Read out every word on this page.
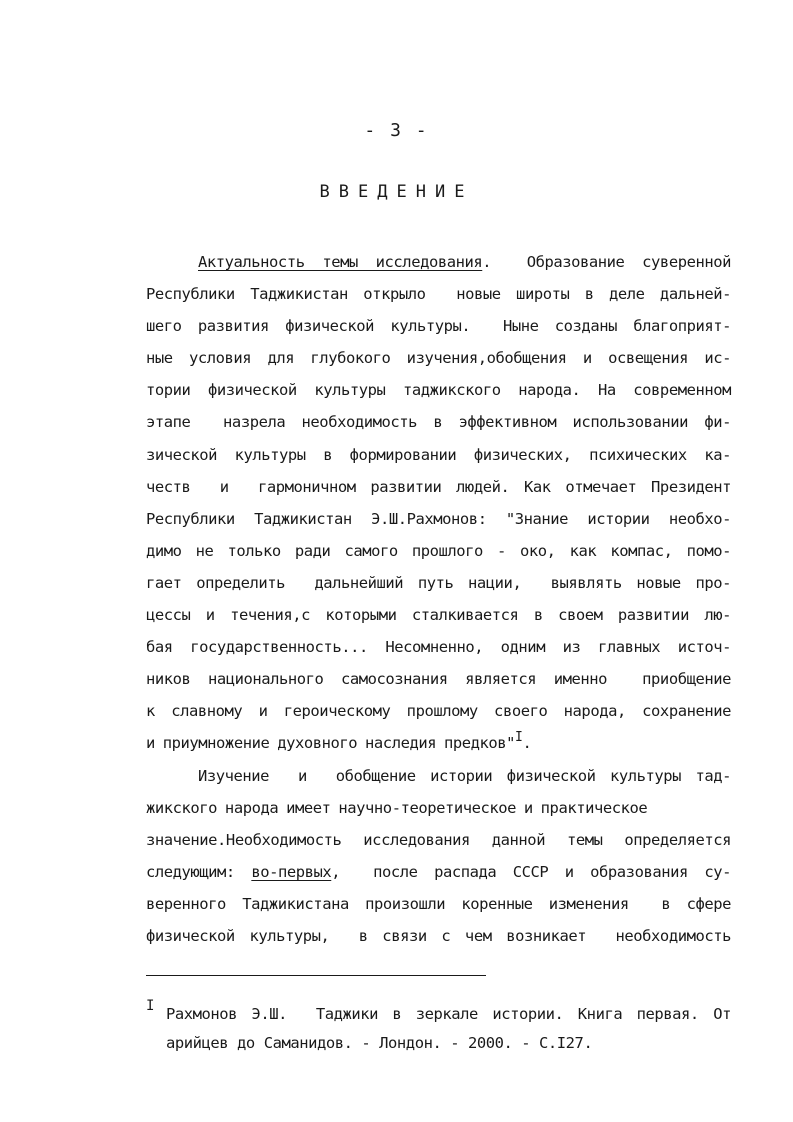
- 3 -
ВВЕДЕНИЕ
Актуальность темы исследования.  Образование суверенной
Республики Таджикистан открыло  новые широты в деле дальней-
шего развития физической культуры.  Ныне созданы благоприят-
ные условия для глубокого изучения,обобщения и освещения ис-
тории физической культуры таджикского народа. На современном
этапе  назрела необходимость в эффективном использовании фи-
зической культуры в формировании физических, психических ка-
честв  и  гармоничном развитии людей. Как отмечает Президент
Республики Таджикистан Э.Ш.Рахмонов: "Знание истории необхо-
димо не только ради самого прошлого - око, как компас, помо-
гает определить  дальнейший путь нации,  выявлять новые про-
цессы и течения,с которыми сталкивается в своем развитии лю-
бая государственность... Несомненно, одним из главных источ-
ников национального самосознания является именно  приобщение
к славному и героическому прошлому своего народа, сохранение
и приумножение духовного наследия предков"$^I$.
Изучение  и  обобщение истории физической культуры тад-
жикского народа имеет научно-теоретическое и практическое
значение.Необходимость исследования данной темы определяется
следующим: во-первых,  после распада СССР и образования су-
веренного Таджикистана произошли коренные изменения  в сфере
физической культуры,  в связи с чем возникает  необходимость
I Рахмонов Э.Ш.  Таджики в зеркале истории. Книга первая. От
арийцев до Саманидов. - Лондон. - 2000. - С.I27.
